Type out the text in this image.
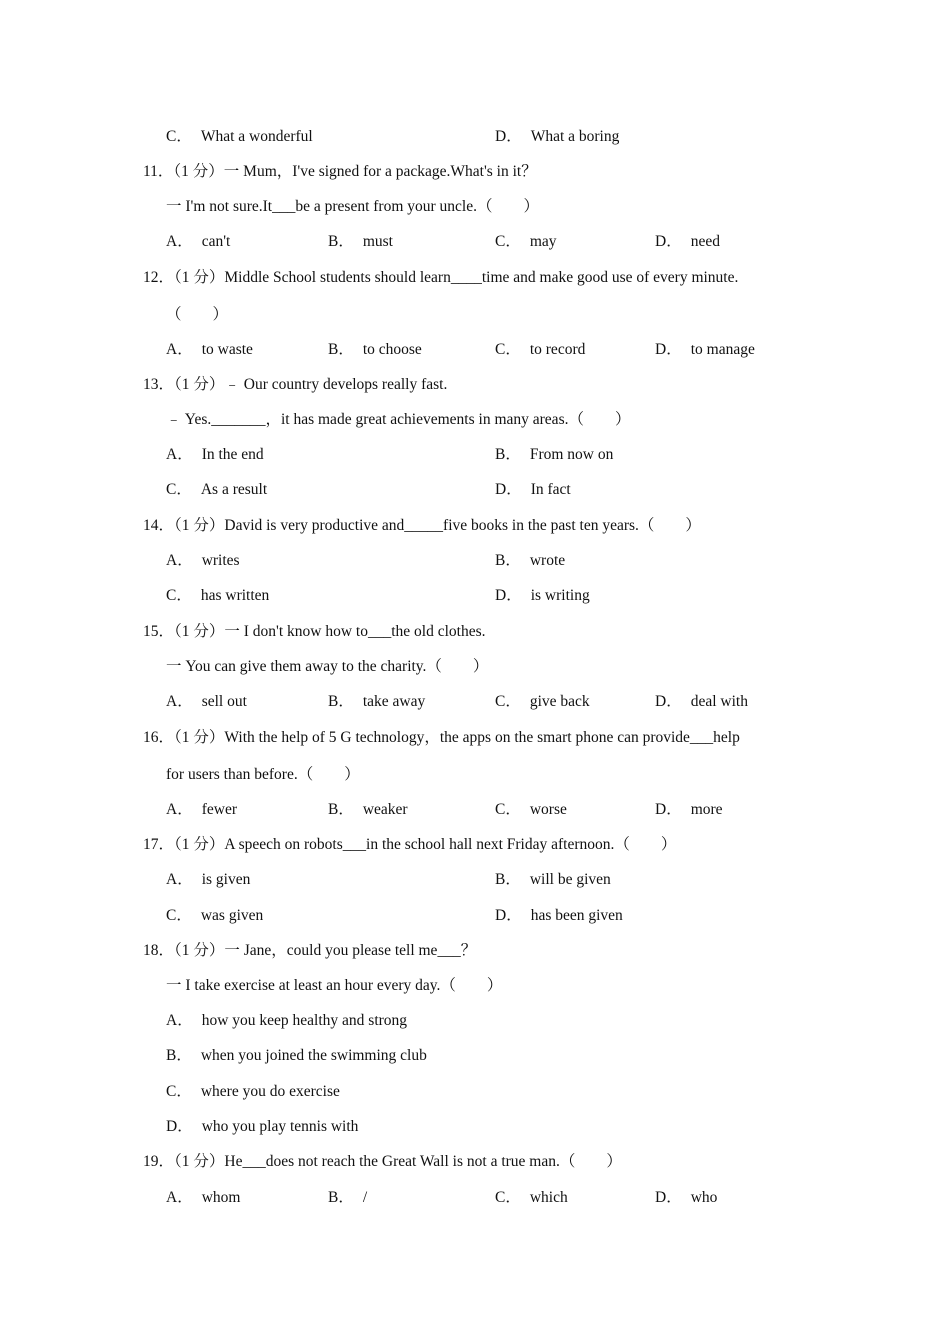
C． What a wonderful	D． What a boring
11．（1 分）一 Mum，I've signed for a package.What's in it？
一 I'm not sure.It___be a present from your uncle.（　　）
A． can't	B． must	C． may	D． need
12．（1 分）Middle School students should learn____time and make good use of every minute.
（　　）
A． to waste	B． to choose	C． to record	D． to manage
13．（1 分）﹣ Our country develops really fast.
﹣ Yes._______，it has made great achievements in many areas.（　　）
A． In the end	B． From now on
C． As a result	D． In fact
14．（1 分）David is very productive and_____five books in the past ten years.（　　）
A． writes	B． wrote
C． has written	D． is writing
15．（1 分）一 I don't know how to___the old clothes.
一 You can give them away to the charity.（　　）
A． sell out	B． take away	C． give back	D． deal with
16．（1 分）With the help of 5 G technology，the apps on the smart phone can provide___help
for users than before.（　　）
A． fewer	B． weaker	C． worse	D． more
17．（1 分）A speech on robots___in the school hall next Friday afternoon.（　　）
A． is given	B． will be given
C． was given	D． has been given
18．（1 分）一 Jane，could you please tell me___？
一 I take exercise at least an hour every day.（　　）
A． how you keep healthy and strong
B． when you joined the swimming club
C． where you do exercise
D． who you play tennis with
19．（1 分）He___does not reach the Great Wall is not a true man.（　　）
A． whom	B． /	C． which	D． who
